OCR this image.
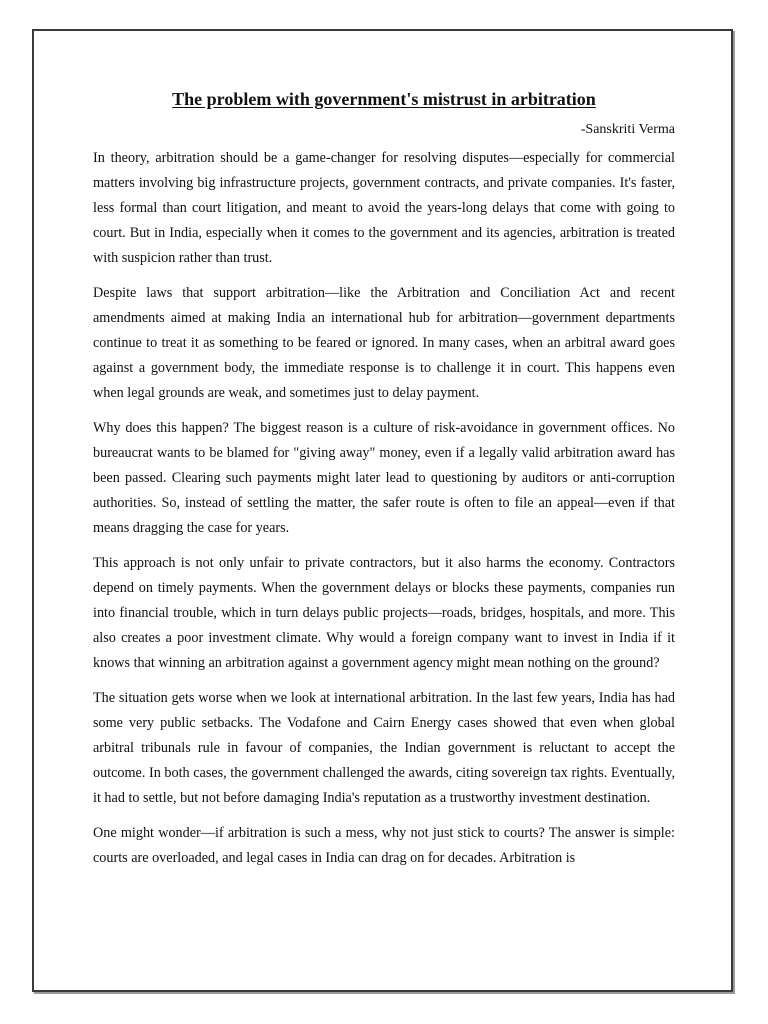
The problem with government's mistrust in arbitration
-Sanskriti Verma

In theory, arbitration should be a game-changer for resolving disputes—especially for commercial matters involving big infrastructure projects, government contracts, and private companies. It's faster, less formal than court litigation, and meant to avoid the years-long delays that come with going to court. But in India, especially when it comes to the government and its agencies, arbitration is treated with suspicion rather than trust.

Despite laws that support arbitration—like the Arbitration and Conciliation Act and recent amendments aimed at making India an international hub for arbitration—government departments continue to treat it as something to be feared or ignored. In many cases, when an arbitral award goes against a government body, the immediate response is to challenge it in court. This happens even when legal grounds are weak, and sometimes just to delay payment.

Why does this happen? The biggest reason is a culture of risk-avoidance in government offices. No bureaucrat wants to be blamed for "giving away" money, even if a legally valid arbitration award has been passed. Clearing such payments might later lead to questioning by auditors or anti-corruption authorities. So, instead of settling the matter, the safer route is often to file an appeal—even if that means dragging the case for years.

This approach is not only unfair to private contractors, but it also harms the economy. Contractors depend on timely payments. When the government delays or blocks these payments, companies run into financial trouble, which in turn delays public projects—roads, bridges, hospitals, and more. This also creates a poor investment climate. Why would a foreign company want to invest in India if it knows that winning an arbitration against a government agency might mean nothing on the ground?

The situation gets worse when we look at international arbitration. In the last few years, India has had some very public setbacks. The Vodafone and Cairn Energy cases showed that even when global arbitral tribunals rule in favour of companies, the Indian government is reluctant to accept the outcome. In both cases, the government challenged the awards, citing sovereign tax rights. Eventually, it had to settle, but not before damaging India's reputation as a trustworthy investment destination.

One might wonder—if arbitration is such a mess, why not just stick to courts? The answer is simple: courts are overloaded, and legal cases in India can drag on for decades. Arbitration is
